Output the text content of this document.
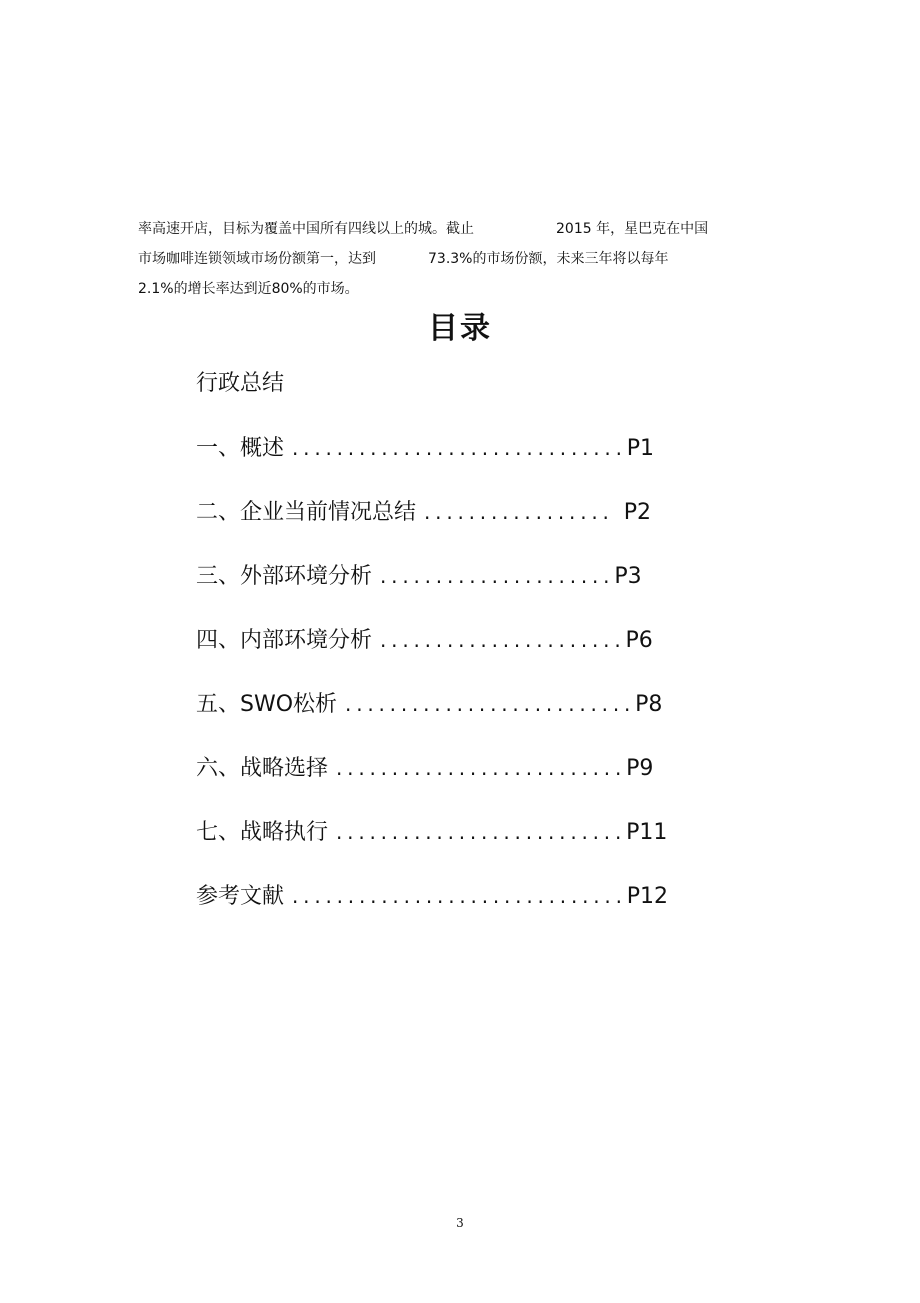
率高速开店，目标为覆盖中国所有四线以上的城。截止	2015 年，星巴克在中国
市场咖啡连锁领域市场份额第一，达到	73.3%的市场份额，未来三年将以每年
2.1%的增长率达到近80%的市场。
目录
行政总结
一、概述 .............................. P1
二、企业当前情况总结 ................. P2
三、外部环境分析 ..................... P3
四、内部环境分析 ...................... P6
五、SWO松析 .......................... P8
六、战略选择 .......................... P9
七、战略执行 .......................... P11
参考文献 .............................. P12
3
